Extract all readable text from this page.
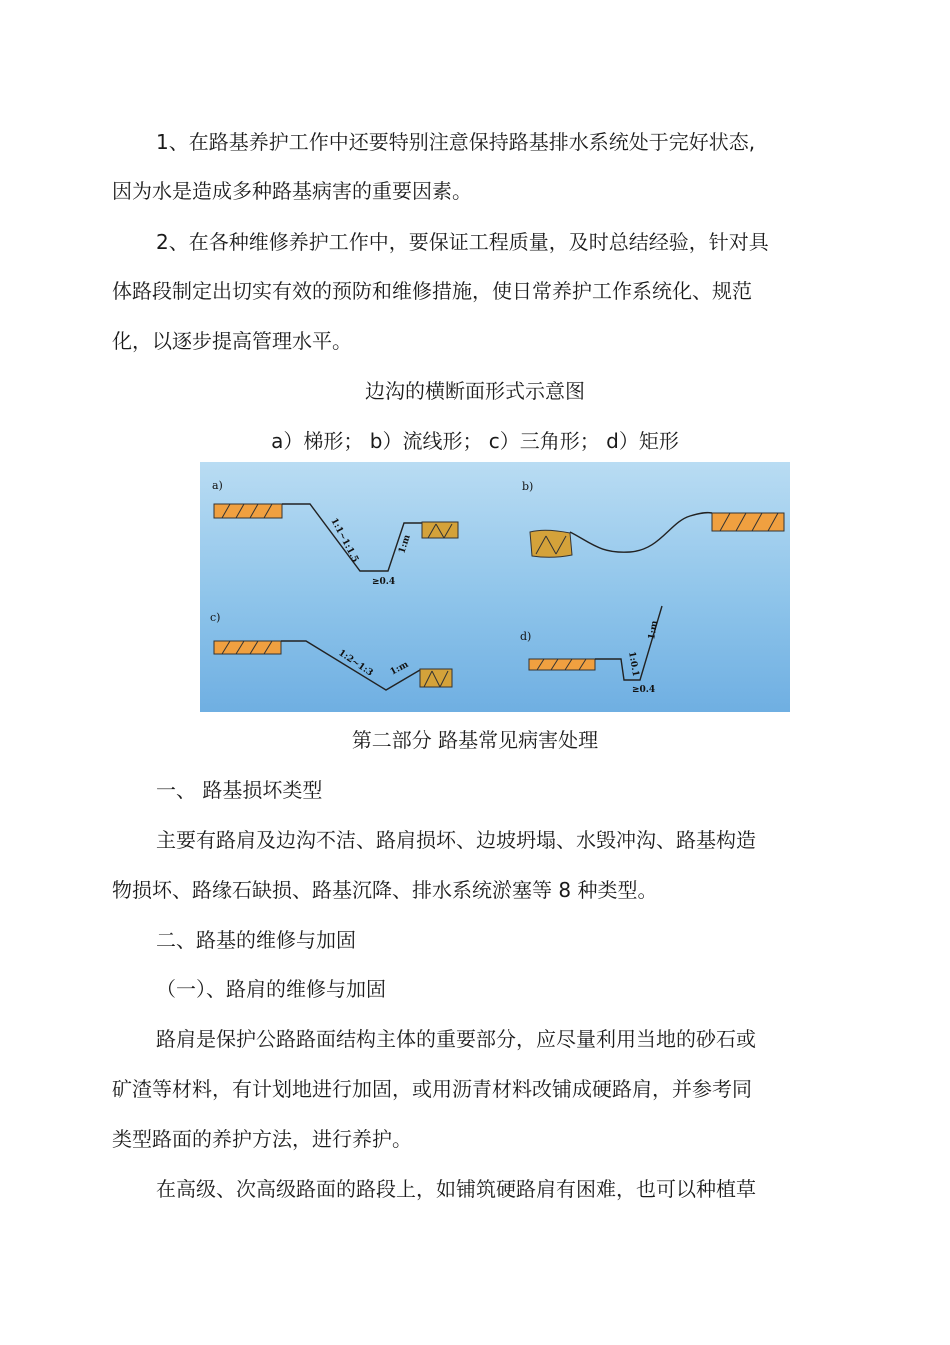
1、在路基养护工作中还要特别注意保持路基排水系统处于完好状态,
因为水是造成多种路基病害的重要因素。
2、在各种维修养护工作中，要保证工程质量，及时总结经验，针对具
体路段制定出切实有效的预防和维修措施，使日常养护工作系统化、规范
化，以逐步提高管理水平。
边沟的横断面形式示意图
a）梯形； b）流线形； c）三角形； d）矩形
a)
1:1~1:1.5	1:m
≥0.4
b)
c)
1:2~1:3 1:m
d)
1:0.1
1:m
≥0.4
第二部分 路基常见病害处理
一、 路基损坏类型
主要有路肩及边沟不洁、路肩损坏、边坡坍塌、水毁冲沟、路基构造
物损坏、路缘石缺损、路基沉降、排水系统淤塞等 8 种类型。
二、路基的维修与加固
（一）、路肩的维修与加固
路肩是保护公路路面结构主体的重要部分，应尽量利用当地的砂石或
矿渣等材料，有计划地进行加固，或用沥青材料改铺成硬路肩，并参考同
类型路面的养护方法，进行养护。
在高级、次高级路面的路段上，如铺筑硬路肩有困难，也可以种植草
